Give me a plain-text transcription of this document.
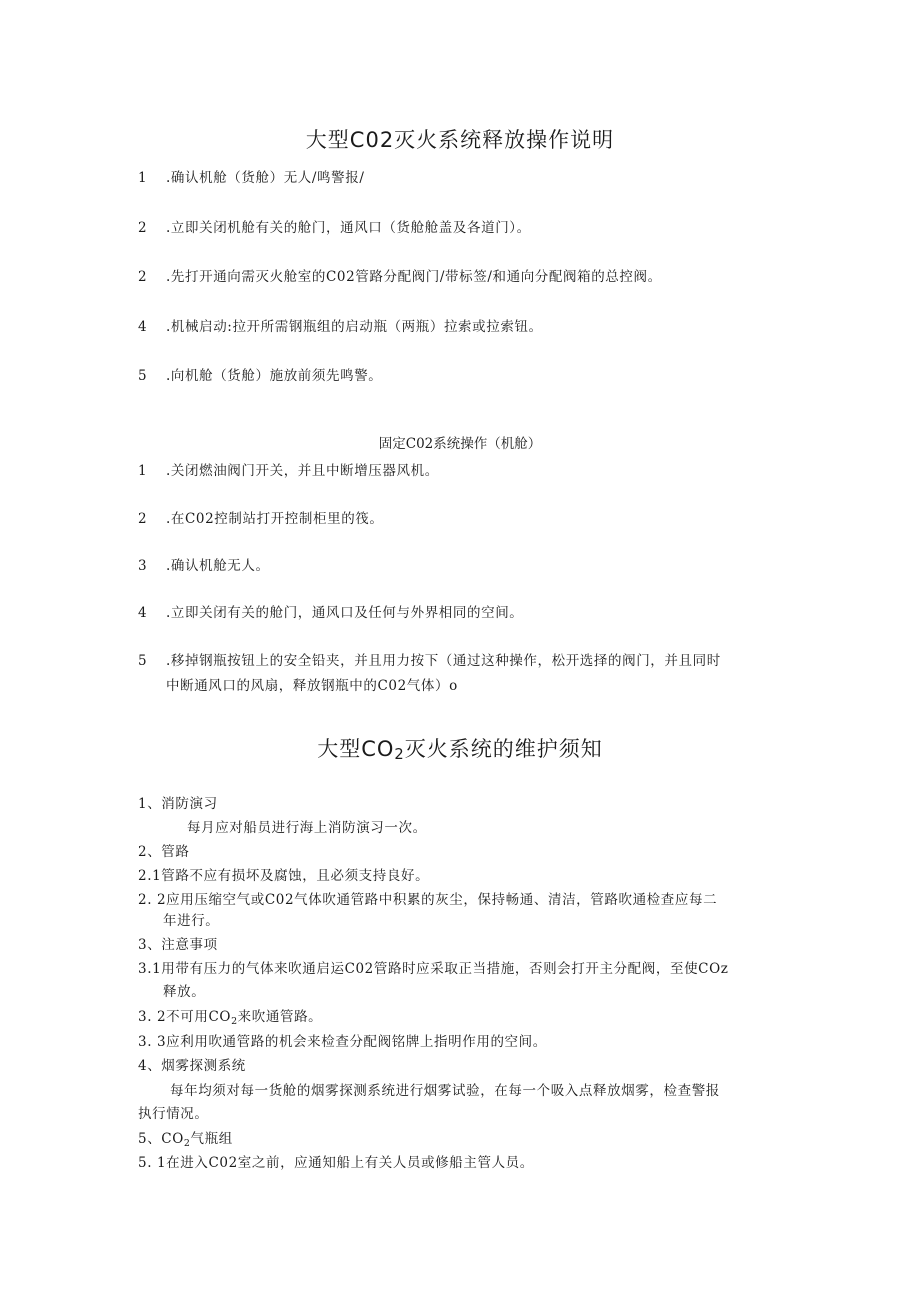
大型C02灭火系统释放操作说明
1 .确认机舱（货舱）无人/鸣警报/
2 .立即关闭机舱有关的舱门，通风口（货舱舱盖及各道门）。
2 .先打开通向需灭火舱室的C02管路分配阀门/带标签/和通向分配阀箱的总控阀。
4 .机械启动:拉开所需钢瓶组的启动瓶（两瓶）拉索或拉索钮。
5 .向机舱（货舱）施放前须先鸣警。
固定C02系统操作（机舱）
1 .关闭燃油阀门开关，并且中断增压器风机。
2 .在C02控制站打开控制柜里的筏。
3 .确认机舱无人。
4 .立即关闭有关的舱门，通风口及任何与外界相同的空间。
5 .移掉钢瓶按钮上的安全铅夹，并且用力按下（通过这种操作，松开选择的阀门，并且同时
中断通风口的风扇，释放钢瓶中的C02气体）o
大型CO2灭火系统的维护须知
1、消防演习
每月应对船员进行海上消防演习一次。
2、管路
2.1管路不应有损坏及腐蚀，且必须支持良好。
2. 2应用压缩空气或C02气体吹通管路中积累的灰尘，保持畅通、清洁，管路吹通检查应每二
年进行。
3、注意事项
3.1用带有压力的气体来吹通启运C02管路时应采取正当措施，否则会打开主分配阀，至使COz
释放。
3. 2不可用$CO_2$来吹通管路。
3. 3应利用吹通管路的机会来检查分配阀铭牌上指明作用的空间。
4、烟雾探测系统
每年均须对每一货舱的烟雾探测系统进行烟雾试验，在每一个吸入点释放烟雾，检查警报
执行情况。
5、$CO_2$气瓶组
5. 1在进入C02室之前，应通知船上有关人员或修船主管人员。
